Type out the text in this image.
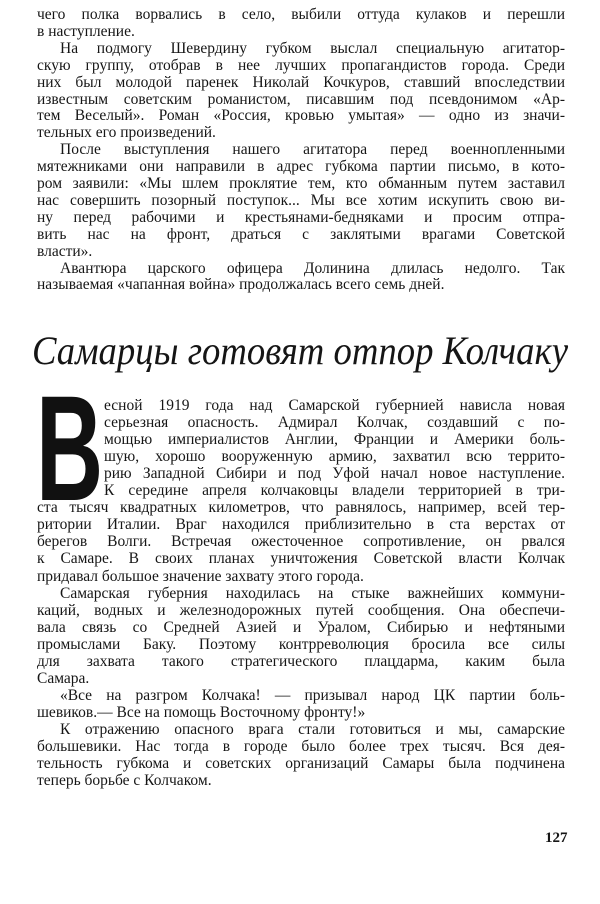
чего полка ворвались в село, выбили оттуда кулаков и перешли
в наступление.
На подмогу Шевердину губком выслал специальную агитатор-
скую группу, отобрав в нее лучших пропагандистов города. Среди
них был молодой паренек Николай Кочкуров, ставший впоследствии
известным советским романистом, писавшим под псевдонимом «Ар-
тем Веселый». Роман «Россия, кровью умытая» — одно из значи-
тельных его произведений.
После выступления нашего агитатора перед военнопленными
мятежниками они направили в адрес губкома партии письмо, в кото-
ром заявили: «Мы шлем проклятие тем, кто обманным путем заставил
нас совершить позорный поступок... Мы все хотим искупить свою ви-
ну перед рабочими и крестьянами-бедняками и просим отпра-
вить нас на фронт, драться с заклятыми врагами Советской
власти».
Авантюра царского офицера Долинина длилась недолго. Так
называемая «чапанная война» продолжалась всего семь дней.
есной 1919 года над Самарской губернией нависла новая
серьезная опасность. Адмирал Колчак, создавший с по-
мощью империалистов Англии, Франции и Америки боль-
шую, хорошо вооруженную армию, захватил всю террито-
рию Западной Сибири и под Уфой начал новое наступление.
К середине апреля колчаковцы владели территорией в три-
ста тысяч квадратных километров, что равнялось, например, всей тер-
ритории Италии. Враг находился приблизительно в ста верстах от
берегов Волги. Встречая ожесточенное сопротивление, он рвался
к Самаре. В своих планах уничтожения Советской власти Колчак
придавал большое значение захвату этого города.
Самарская губерния находилась на стыке важнейших коммуни-
каций, водных и железнодорожных путей сообщения. Она обеспечи-
вала связь со Средней Азией и Уралом, Сибирью и нефтяными
промыслами Баку. Поэтому контрреволюция бросила все силы
для захвата такого стратегического плацдарма, каким была
Самара.
«Все на разгром Колчака! — призывал народ ЦК партии боль-
шевиков.— Все на помощь Восточному фронту!»
К отражению опасного врага стали готовиться и мы, самарские
большевики. Нас тогда в городе было более трех тысяч. Вся дея-
тельность губкома и советских организаций Самары была подчинена
теперь борьбе с Колчаком.
Самарцы готовят отпор Колчаку
В
127
